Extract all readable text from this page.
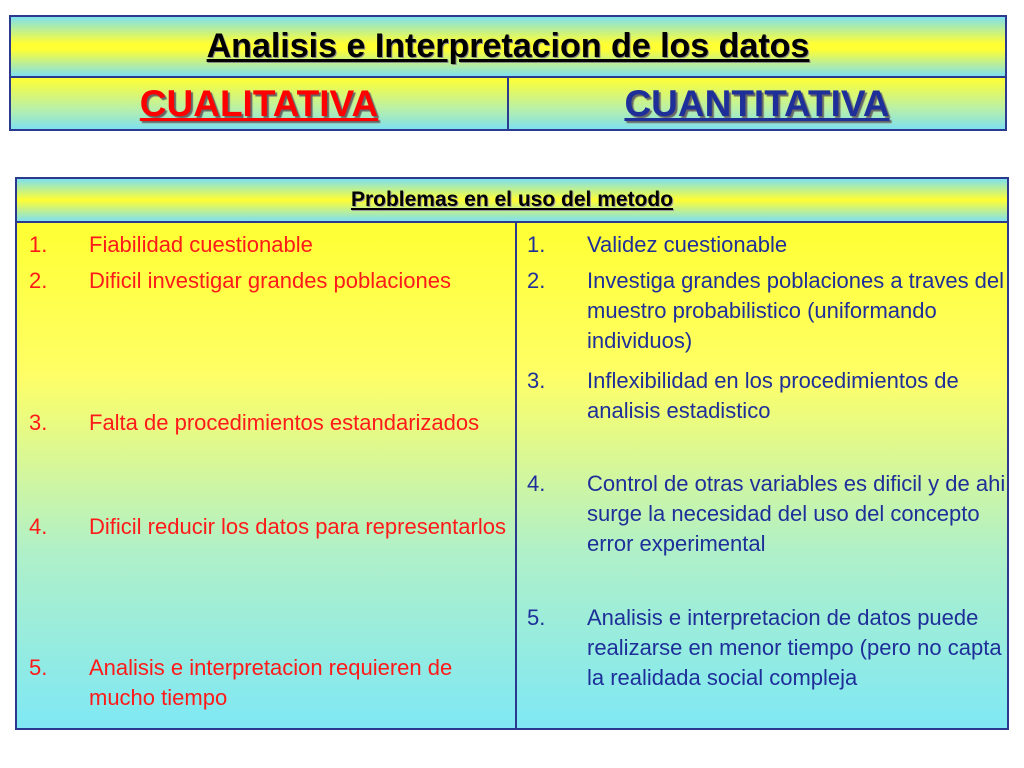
Analisis e Interpretacion de los datos
CUALITATIVA	CUANTITATIVA
Problemas en el uso del metodo
1. Fiabilidad cuestionable
2. Dificil investigar grandes poblaciones
3. Falta de procedimientos estandarizados
4. Dificil reducir los datos para representarlos
5. Analisis e interpretacion requieren de mucho tiempo
1. Validez cuestionable
2. Investiga grandes poblaciones a traves del muestro probabilistico (uniformando individuos)
3. Inflexibilidad en los procedimientos de analisis estadistico
4. Control de otras variables es dificil y de ahi surge la necesidad del uso del concepto error experimental
5. Analisis e interpretacion de datos puede realizarse en menor tiempo (pero no capta la realidada social compleja
